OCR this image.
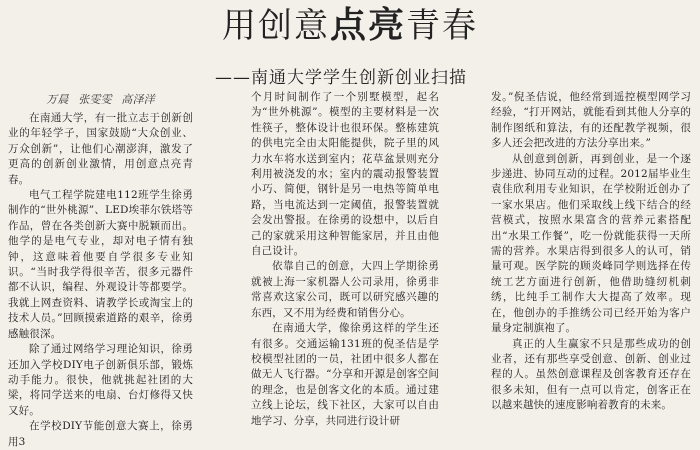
用创意点亮青春
——南通大学学生创新创业扫描
万晨 张雯雯 高泽洋

在南通大学，有一批立志于创新创业的年轻学子，国家鼓励“大众创业、万众创新”，让他们心潮澎湃，激发了更高的创新创业激情，用创意点亮青春。

电气工程学院建电112班学生徐勇制作的“世外桃源”、LED埃菲尔铁塔等作品，曾在各类创新大赛中脱颖而出。他学的是电气专业，却对电子情有独钟，这意味着他要自学很多专业知识。“当时我学得很辛苦，很多元器件都不认识，编程、外观设计等都要学。我就上网查资料、请教学长或淘宝上的技术人员。”回顾摸索道路的艰辛，徐勇感触很深。

除了通过网络学习理论知识，徐勇还加入学校DIY电子创新俱乐部，锻炼动手能力。很快，他就挑起社团的大梁，将同学送来的电扇、台灯修得又快又好。

在学校DIY节能创意大赛上，徐勇用3

个月时间制作了一个别墅模型，起名为“世外桃源”。模型的主要材料是一次性筷子，整体设计也很环保。整栋建筑的供电完全由太阳能提供，院子里的风力水车将水送到室内；花草盆景则充分利用被浇发的水；室内的震动报警装置小巧、简便，钢针是另一电热等简单电路，当电流达到一定阈值，报警装置就会发出警报。在徐勇的设想中，以后自己的家就采用这种智能家居，并且由他自己设计。

依靠自己的创意，大四上学期徐勇就被上海一家机器人公司录用，徐勇非常喜欢这家公司，既可以研究感兴趣的东西，又不用为经费和销售分心。

在南通大学，像徐勇这样的学生还有很多。交通运输131班的倪圣佶是学校模型社团的一员，社团中很多人都在做无人飞行器。“分享和开源是创客空间的理念，也是创客文化的本质。通过建立线上论坛，线下社区，大家可以自由地学习、分享，共同进行设计研

发。”倪圣佶说，他经常到遥控模型网学习经验，“打开网站，就能看到其他人分享的制作图纸和算法，有的还配教学视频，很多人还会把改进的方法分享出来。”

从创意到创新，再到创业，是一个逐步递进、协同互动的过程。2012届毕业生袁佳欣利用专业知识，在学校附近创办了一家水果店。他们采取线上线下结合的经营模式，按照水果富含的营养元素搭配出“水果工作餐”，吃一份就能获得一天所需的营养。水果店得到很多人的认可，销量可观。医学院的顾炎峰同学则选择在传统工艺方面进行创新，他借助缝纫机刺绣，比纯手工制作大大提高了效率。现在，他创办的手推绣公司已经开始为客户量身定制旗袍了。

真正的人生赢家不只是那些成功的创业者，还有那些享受创意、创新、创业过程的人。虽然创意课程及创客教育还存在很多未知，但有一点可以肯定，创客正在以越来越快的速度影响着教育的未来。
